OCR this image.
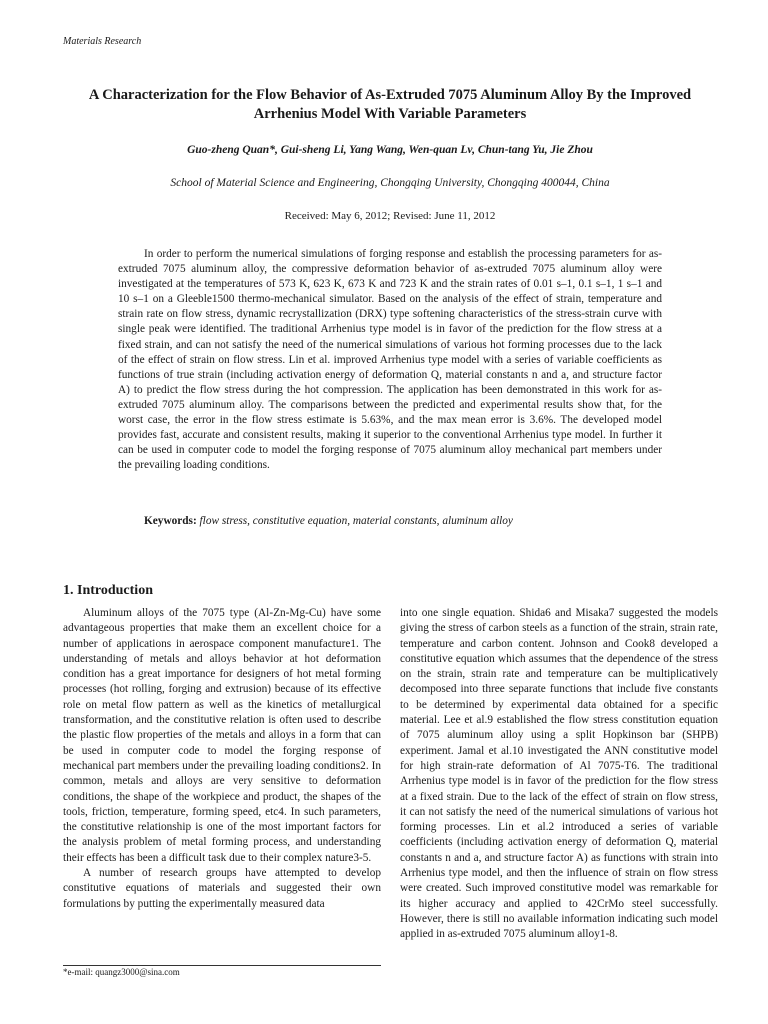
Materials Research
A Characterization for the Flow Behavior of As-Extruded 7075 Aluminum Alloy By the Improved Arrhenius Model With Variable Parameters
Guo-zheng Quan*, Gui-sheng Li, Yang Wang, Wen-quan Lv, Chun-tang Yu, Jie Zhou
School of Material Science and Engineering, Chongqing University, Chongqing 400044, China
Received: May 6, 2012; Revised: June 11, 2012

In order to perform the numerical simulations of forging response and establish the processing parameters for as-extruded 7075 aluminum alloy, the compressive deformation behavior of as-extruded 7075 aluminum alloy were investigated at the temperatures of 573 K, 623 K, 673 K and 723 K and the strain rates of 0.01 s–1, 0.1 s–1, 1 s–1 and 10 s–1 on a Gleeble1500 thermo-mechanical simulator. Based on the analysis of the effect of strain, temperature and strain rate on flow stress, dynamic recrystallization (DRX) type softening characteristics of the stress-strain curve with single peak were identified. The traditional Arrhenius type model is in favor of the prediction for the flow stress at a fixed strain, and can not satisfy the need of the numerical simulations of various hot forming processes due to the lack of the effect of strain on flow stress. Lin et al. improved Arrhenius type model with a series of variable coefficients as functions of true strain (including activation energy of deformation Q, material constants n and a, and structure factor A) to predict the flow stress during the hot compression. The application has been demonstrated in this work for as-extruded 7075 aluminum alloy. The comparisons between the predicted and experimental results show that, for the worst case, the error in the flow stress estimate is 5.63%, and the max mean error is 3.6%. The developed model provides fast, accurate and consistent results, making it superior to the conventional Arrhenius type model. In further it can be used in computer code to model the forging response of 7075 aluminum alloy mechanical part members under the prevailing loading conditions.

Keywords: flow stress, constitutive equation, material constants, aluminum alloy
1. Introduction

Aluminum alloys of the 7075 type (Al-Zn-Mg-Cu) have some advantageous properties that make them an excellent choice for a number of applications in aerospace component manufacture1. The understanding of metals and alloys behavior at hot deformation condition has a great importance for designers of hot metal forming processes (hot rolling, forging and extrusion) because of its effective role on metal flow pattern as well as the kinetics of metallurgical transformation, and the constitutive relation is often used to describe the plastic flow properties of the metals and alloys in a form that can be used in computer code to model the forging response of mechanical part members under the prevailing loading conditions2. In common, metals and alloys are very sensitive to deformation conditions, the shape of the workpiece and product, the shapes of the tools, friction, temperature, forming speed, etc4. In such parameters, the constitutive relationship is one of the most important factors for the analysis problem of metal forming process, and understanding their effects has been a difficult task due to their complex nature3-5.

A number of research groups have attempted to develop constitutive equations of materials and suggested their own formulations by putting the experimentally measured data

into one single equation. Shida6 and Misaka7 suggested the models giving the stress of carbon steels as a function of the strain, strain rate, temperature and carbon content. Johnson and Cook8 developed a constitutive equation which assumes that the dependence of the stress on the strain, strain rate and temperature can be multiplicatively decomposed into three separate functions that include five constants to be determined by experimental data obtained for a specific material. Lee et al.9 established the flow stress constitution equation of 7075 aluminum alloy using a split Hopkinson bar (SHPB) experiment. Jamal et al.10 investigated the ANN constitutive model for high strain-rate deformation of Al 7075-T6. The traditional Arrhenius type model is in favor of the prediction for the flow stress at a fixed strain. Due to the lack of the effect of strain on flow stress, it can not satisfy the need of the numerical simulations of various hot forming processes. Lin et al.2 introduced a series of variable coefficients (including activation energy of deformation Q, material constants n and a, and structure factor A) as functions with strain into Arrhenius type model, and then the influence of strain on flow stress were created. Such improved constitutive model was remarkable for its higher accuracy and applied to 42CrMo steel successfully. However, there is still no available information indicating such model applied in as-extruded 7075 aluminum alloy1-8.

*e-mail: quangz3000@sina.com
